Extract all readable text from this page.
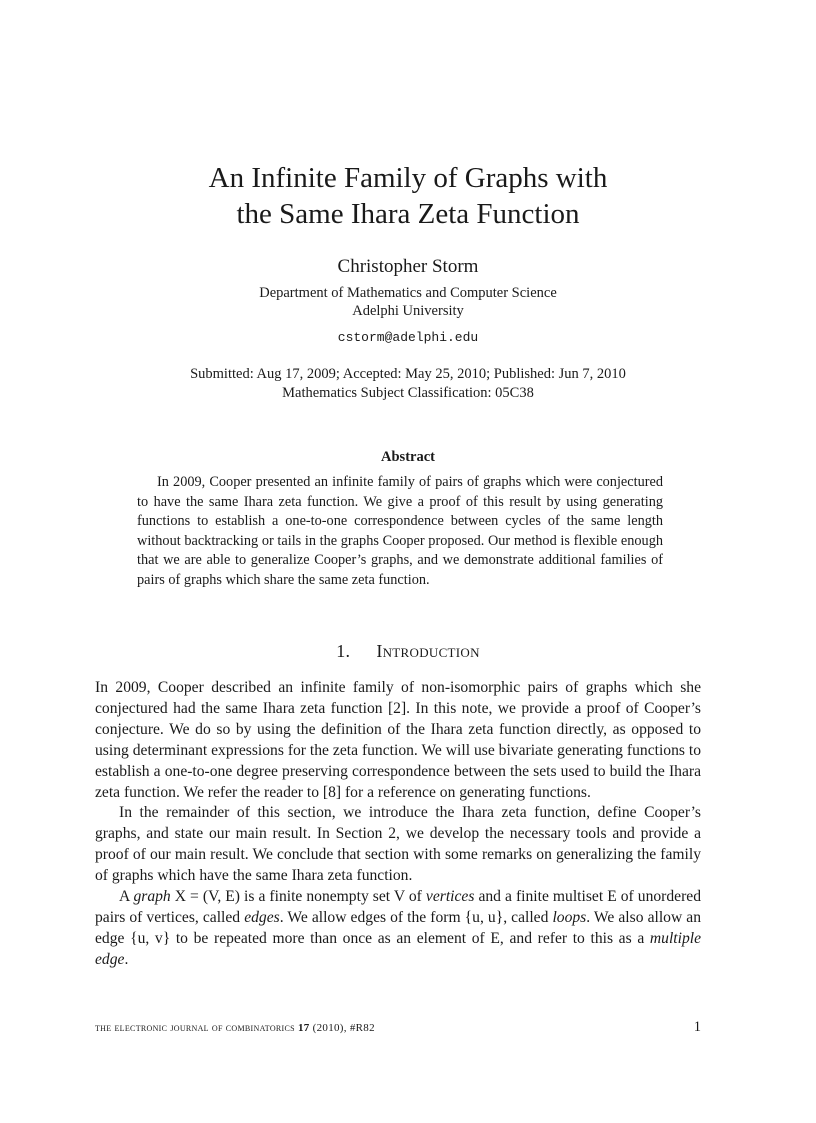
An Infinite Family of Graphs with
the Same Ihara Zeta Function
Christopher Storm
Department of Mathematics and Computer Science
Adelphi University
cstorm@adelphi.edu
Submitted: Aug 17, 2009; Accepted: May 25, 2010; Published: Jun 7, 2010
Mathematics Subject Classification: 05C38
Abstract

In 2009, Cooper presented an infinite family of pairs of graphs which were conjectured to have the same Ihara zeta function. We give a proof of this result by using generating functions to establish a one-to-one correspondence between cycles of the same length without backtracking or tails in the graphs Cooper proposed. Our method is flexible enough that we are able to generalize Cooper’s graphs, and we demonstrate additional families of pairs of graphs which share the same zeta function.

1. Introduction

In 2009, Cooper described an infinite family of non-isomorphic pairs of graphs which she conjectured had the same Ihara zeta function [2]. In this note, we provide a proof of Cooper’s conjecture. We do so by using the definition of the Ihara zeta function directly, as opposed to using determinant expressions for the zeta function. We will use bivariate generating functions to establish a one-to-one degree preserving correspondence between the sets used to build the Ihara zeta function. We refer the reader to [8] for a reference on generating functions.

In the remainder of this section, we introduce the Ihara zeta function, define Cooper’s graphs, and state our main result. In Section 2, we develop the necessary tools and provide a proof of our main result. We conclude that section with some remarks on generalizing the family of graphs which have the same Ihara zeta function.

A graph X = (V, E) is a finite nonempty set V of vertices and a finite multiset E of unordered pairs of vertices, called edges. We allow edges of the form {u, u}, called loops. We also allow an edge {u, v} to be repeated more than once as an element of E, and refer to this as a multiple edge.

the electronic journal of combinatorics 17 (2010), #R82	1
